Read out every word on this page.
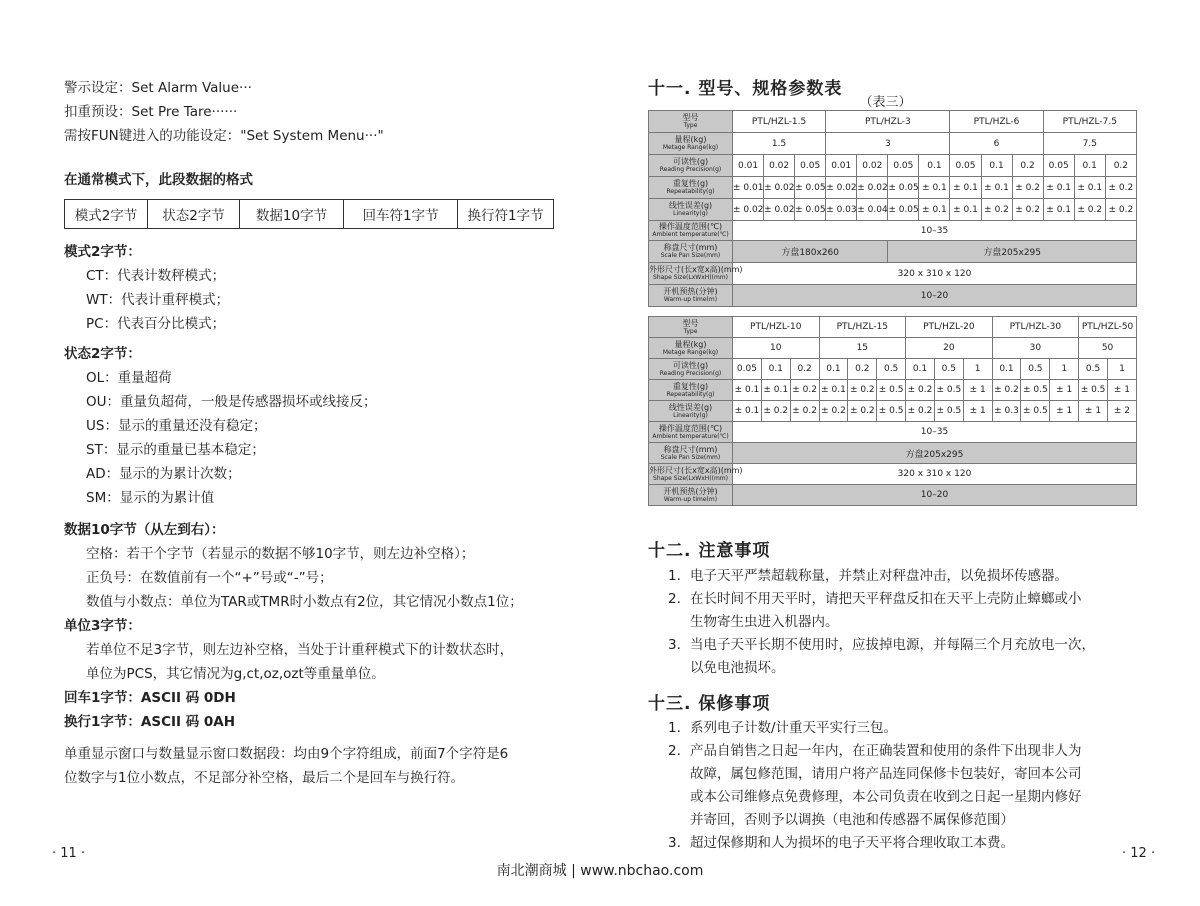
警示设定：Set Alarm Value···
扣重预设：Set Pre Tare······
需按FUN键进入的功能设定："Set System Menu···"
在通常模式下，此段数据的格式
模式2字节	状态2字节	数据10字节	回车符1字节	换行符1字节
模式2字节：
CT：代表计数秤模式；
WT：代表计重秤模式；
PC：代表百分比模式；
状态2字节：
OL：重量超荷
OU：重量负超荷，一般是传感器损坏或线接反；
US：显示的重量还没有稳定；
ST：显示的重量已基本稳定；
AD：显示的为累计次数；
SM：显示的为累计值
数据10字节（从左到右）：
空格：若干个字节（若显示的数据不够10字节，则左边补空格）；
正负号：在数值前有一个“+”号或“-”号；
数值与小数点：单位为TAR或TMR时小数点有2位，其它情况小数点1位；
单位3字节：
若单位不足3字节，则左边补空格，当处于计重秤模式下的计数状态时，
单位为PCS，其它情况为g,ct,oz,ozt等重量单位。
回车1字节：ASCII 码 0DH
换行1字节：ASCII 码 0AH
单重显示窗口与数量显示窗口数据段：均由9个字符组成，前面7个字符是6
位数字与1位小数点，不足部分补空格，最后二个是回车与换行符。
· 11 ·
十一. 型号、规格参数表 $_{(表三)}$
型号
Type	PTL/HZL-1.5			PTL/HZL-3				PTL/HZL-6			PTL/HZL-7.5		
量程(kg)
Metage Range(kg)	1.5			3				6			7.5		
可读性(g)
Reading Precision(g)	0.01	0.02	0.05	0.01	0.02	0.05	0.1	0.05	0.1	0.2	0.05	0.1	0.2
重复性(g)
Repeatability(g)	± 0.01	± 0.02	± 0.05	± 0.02	± 0.02	± 0.05	± 0.1	± 0.1	± 0.1	± 0.2	± 0.1	± 0.1	± 0.2
线性误差(g)
Linearity(g)	± 0.02	± 0.02	± 0.05	± 0.03	± 0.04	± 0.05	± 0.1	± 0.1	± 0.2	± 0.2	± 0.1	± 0.2	± 0.2
操作温度范围(℃)
Ambient temperature(℃)	10–35												
称盘尺寸(mm)
Scale Pan Size(mm)	方盘180x260					方盘205x295							
外形尺寸(长x宽x高)(mm)
Shape Size(LxWxH)(mm)	320 x 310 x 120												
开机预热(分钟)
Warm-up time(m)	10–20												
型号
Type	PTL/HZL-10			PTL/HZL-15			PTL/HZL-20			PTL/HZL-30			PTL/HZL-50	
量程(kg)
Metage Range(kg)	10			15			20			30			50	
可读性(g)
Reading Precision(g)	0.05	0.1	0.2	0.1	0.2	0.5	0.1	0.5	1	0.1	0.5	1	0.5	1
重复性(g)
Repeatability(g)	± 0.1	± 0.1	± 0.2	± 0.1	± 0.2	± 0.5	± 0.2	± 0.5	± 1	± 0.2	± 0.5	± 1	± 0.5	± 1
线性误差(g)
Linearity(g)	± 0.1	± 0.2	± 0.2	± 0.2	± 0.2	± 0.5	± 0.2	± 0.5	± 1	± 0.3	± 0.5	± 1	± 1	± 2
操作温度范围(℃)
Ambient temperature(℃)	10–35													
称盘尺寸(mm)
Scale Pan Size(mm)	方盘205x295													
外形尺寸(长x宽x高)(mm)
Shape Size(LxWxH)(mm)	320 x 310 x 120													
开机预热(分钟)
Warm-up time(m)	10–20													
十二. 注意事项
1. 电子天平严禁超载称量，并禁止对秤盘冲击，以免损坏传感器。
2. 在长时间不用天平时，请把天平秤盘反扣在天平上壳防止蟑螂或小
生物寄生虫进入机器内。
3. 当电子天平长期不使用时，应拔掉电源，并每隔三个月充放电一次，
以免电池损坏。
十三. 保修事项
1. 系列电子计数/计重天平实行三包。
2. 产品自销售之日起一年内，在正确装置和使用的条件下出现非人为
故障，属包修范围，请用户将产品连同保修卡包装好，寄回本公司
或本公司维修点免费修理，本公司负责在收到之日起一星期内修好
并寄回，否则予以调换（电池和传感器不属保修范围）
3. 超过保修期和人为损坏的电子天平将合理收取工本费。
· 12 ·
南北潮商城 | www.nbchao.com
